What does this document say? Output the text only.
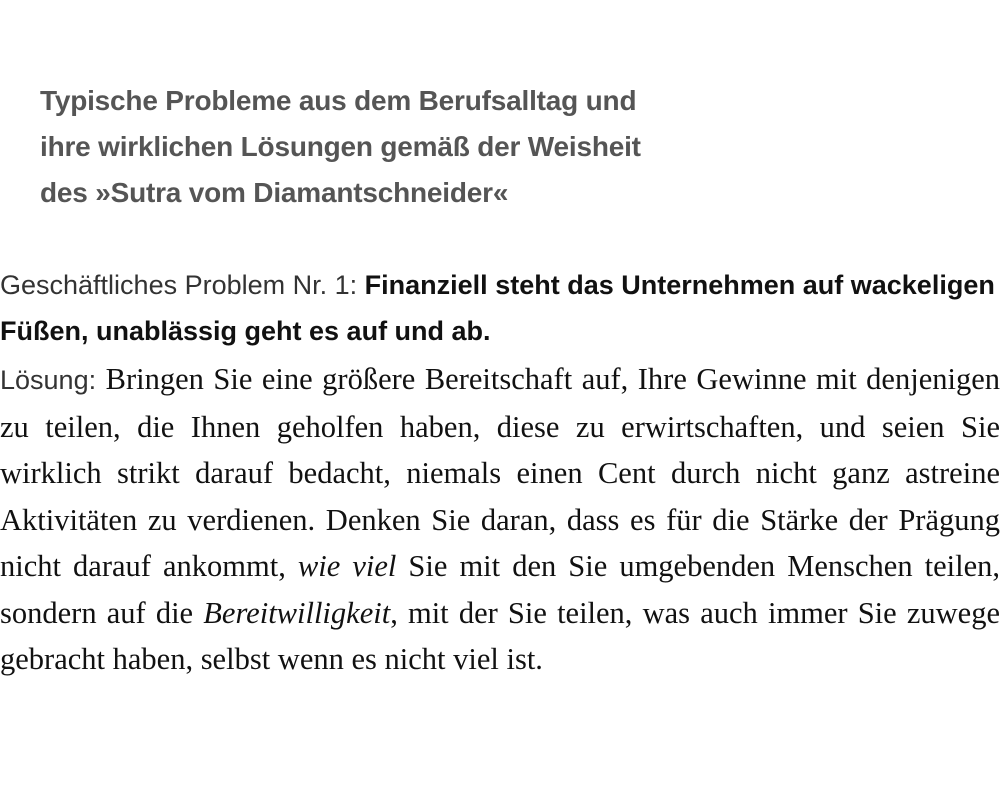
Typische Probleme aus dem Berufsalltag und
ihre wirklichen Lösungen gemäß der Weisheit
des »Sutra vom Diamantschneider«

Geschäftliches Problem Nr. 1: Finanziell steht das Unternehmen auf wackeligen Füßen, unablässig geht es auf und ab.

Lösung: Bringen Sie eine größere Bereitschaft auf, Ihre Gewinne mit denjenigen zu teilen, die Ihnen geholfen haben, diese zu erwirtschaften, und seien Sie wirklich strikt darauf bedacht, niemals einen Cent durch nicht ganz astreine Aktivitäten zu verdienen. Denken Sie daran, dass es für die Stärke der Prägung nicht darauf ankommt, wie viel Sie mit den Sie umgebenden Menschen teilen, sondern auf die Bereitwilligkeit, mit der Sie teilen, was auch immer Sie zuwege gebracht haben, selbst wenn es nicht viel ist.
